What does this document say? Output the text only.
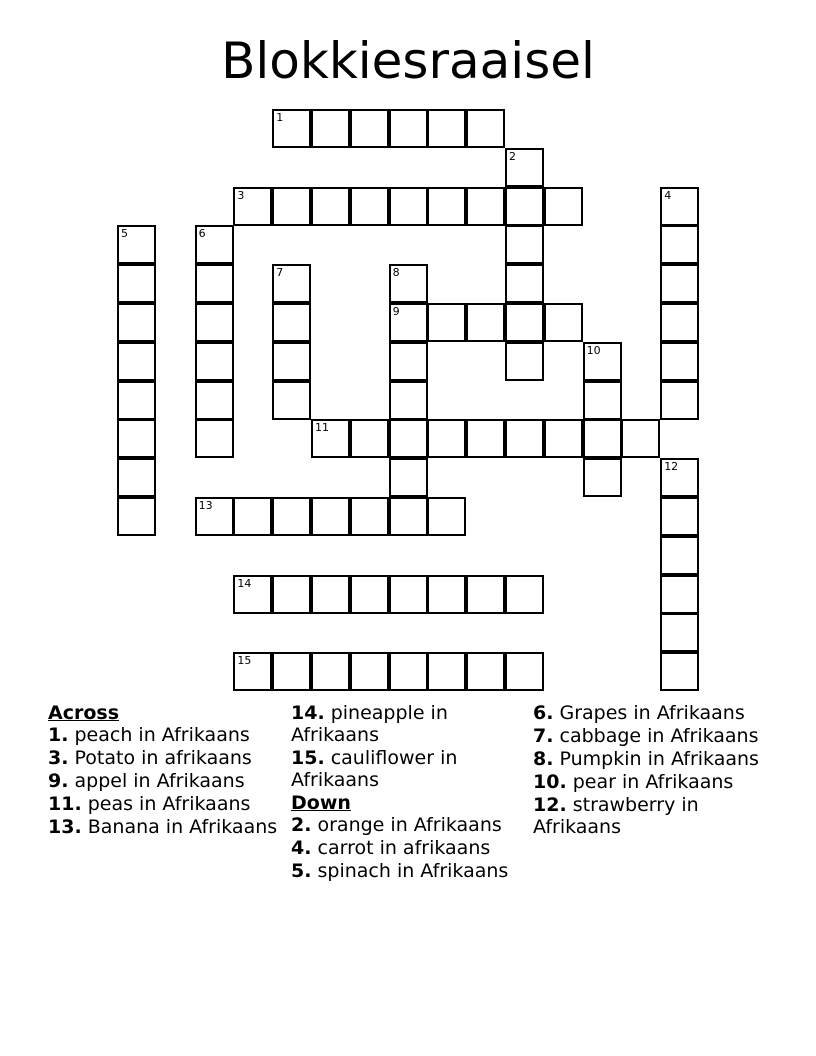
Blokkiesraaisel
1
2
3	4
5	6
7	8
9
10
11
12
13
14
15
Across
1. peach in Afrikaans
3. Potato in afrikaans
9. appel in Afrikaans
11. peas in Afrikaans
13. Banana in Afrikaans
14. pineapple in Afrikaans
15. cauliflower in Afrikaans
Down
2. orange in Afrikaans
4. carrot in afrikaans
5. spinach in Afrikaans
6. Grapes in Afrikaans
7. cabbage in Afrikaans
8. Pumpkin in Afrikaans
10. pear in Afrikaans
12. strawberry in Afrikaans
